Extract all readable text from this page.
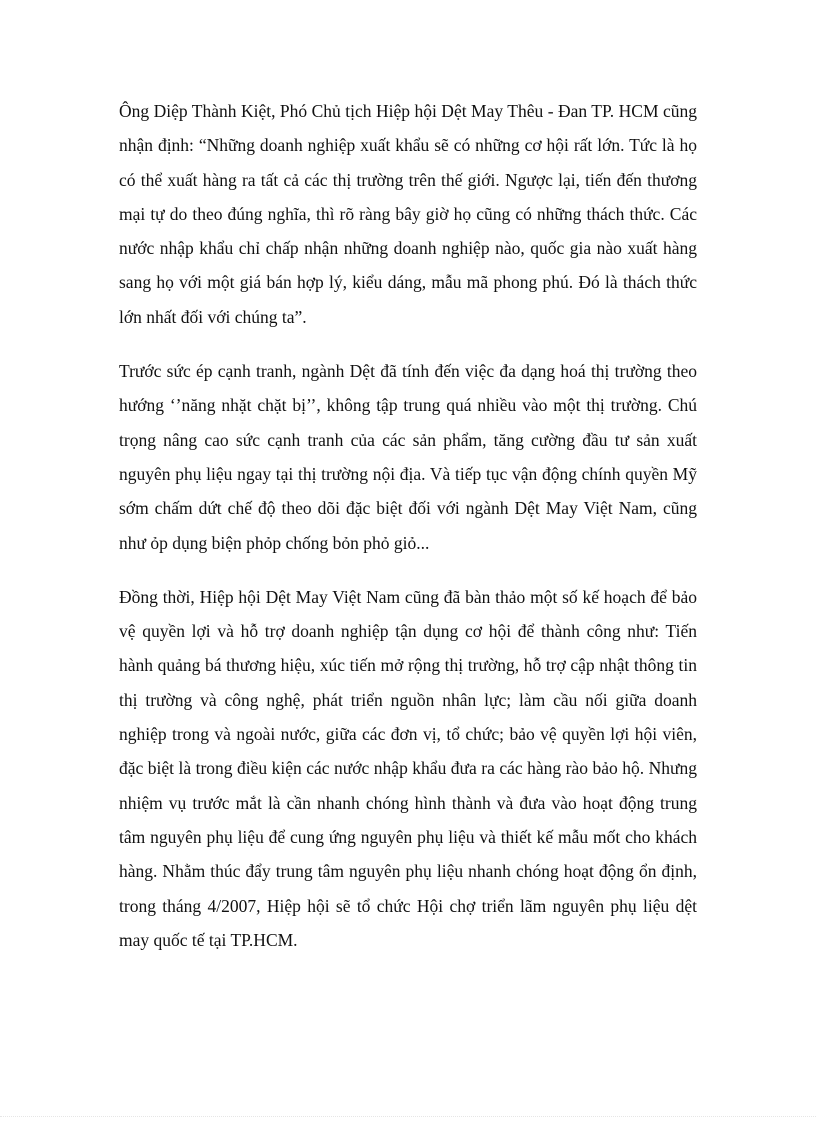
Ông Diệp Thành Kiệt, Phó Chủ tịch Hiệp hội Dệt May Thêu - Đan TP. HCM cũng nhận định: “Những doanh nghiệp xuất khẩu sẽ có những cơ hội rất lớn. Tức là họ có thể xuất hàng ra tất cả các thị trường trên thế giới. Ngược lại, tiến đến thương mại tự do theo đúng nghĩa, thì rõ ràng bây giờ họ cũng có những thách thức. Các nước nhập khẩu chỉ chấp nhận những doanh nghiệp nào, quốc gia nào xuất hàng sang họ với một giá bán hợp lý, kiểu dáng, mẫu mã phong phú. Đó là thách thức lớn nhất đối với chúng ta”.

Trước sức ép cạnh tranh, ngành Dệt đã tính đến việc đa dạng hoá thị trường theo hướng ‘’năng nhặt chặt bị’’, không tập trung quá nhiều vào một thị trường. Chú trọng nâng cao sức cạnh tranh của các sản phẩm, tăng cường đầu tư sản xuất nguyên phụ liệu ngay tại thị trường nội địa. Và tiếp tục vận động chính quyền Mỹ sớm chấm dứt chế độ theo dõi đặc biệt đối với ngành Dệt May Việt Nam, cũng như ỏp dụng biện phỏp chống bỏn phỏ giỏ...

Đồng thời, Hiệp hội Dệt May Việt Nam cũng đã bàn thảo một số kế hoạch để bảo vệ quyền lợi và hỗ trợ doanh nghiệp tận dụng cơ hội để thành công như: Tiến hành quảng bá thương hiệu, xúc tiến mở rộng thị trường, hỗ trợ cập nhật thông tin thị trường và công nghệ, phát triển nguồn nhân lực; làm cầu nối giữa doanh nghiệp trong và ngoài nước, giữa các đơn vị, tổ chức; bảo vệ quyền lợi hội viên, đặc biệt là trong điều kiện các nước nhập khẩu đưa ra các hàng rào bảo hộ. Nhưng nhiệm vụ trước mắt là cần nhanh chóng hình thành và đưa vào hoạt động trung tâm nguyên phụ liệu để cung ứng nguyên phụ liệu và thiết kế mẫu mốt cho khách hàng. Nhằm thúc đẩy trung tâm nguyên phụ liệu nhanh chóng hoạt động ổn định, trong tháng 4/2007, Hiệp hội sẽ tổ chức Hội chợ triển lãm nguyên phụ liệu dệt may quốc tế tại TP.HCM.
